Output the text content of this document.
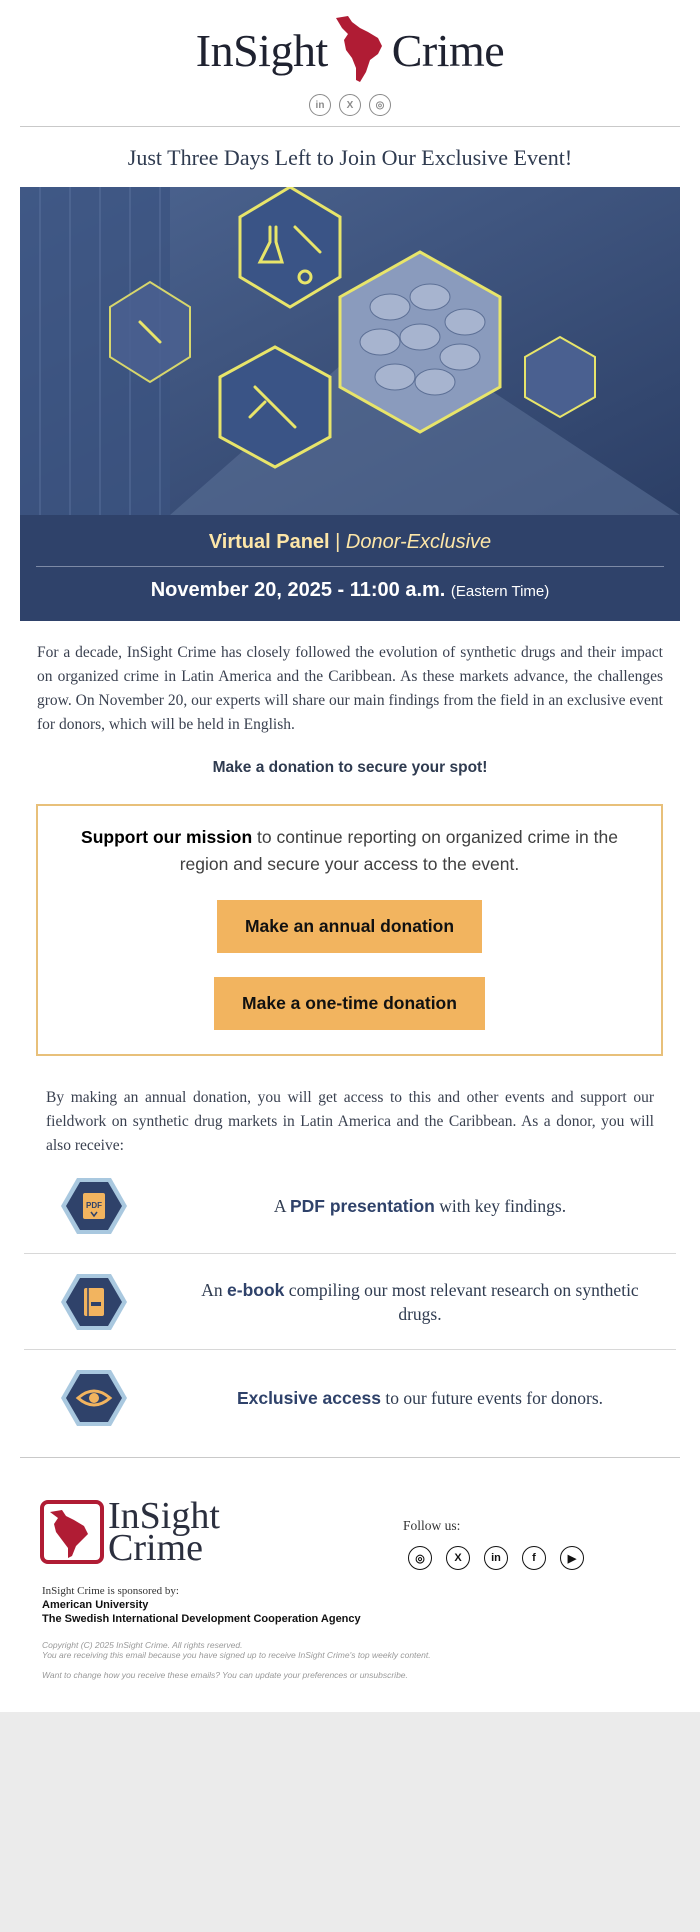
InSight Crime
in	X	◎
Just Three Days Left to Join Our Exclusive Event!
Virtual Panel | Donor-Exclusive
November 20, 2025 - 11:00 a.m. (Eastern Time)

For a decade, InSight Crime has closely followed the evolution of synthetic drugs and their impact on organized crime in Latin America and the Caribbean. As these markets advance, the challenges grow. On November 20, our experts will share our main findings from the field in an exclusive event for donors, which will be held in English.

Make a donation to secure your spot!
Support our mission to continue reporting on organized crime in the region and secure your access to the event.
Make an annual donation
Make a one-time donation

By making an annual donation, you will get access to this and other events and support our fieldwork on synthetic drug markets in Latin America and the Caribbean. As a donor, you will also receive:

PDF	A PDF presentation with key findings.
An e-book compiling our most relevant research on synthetic drugs.
Exclusive access to our future events for donors.
InSight
Crime
InSight Crime is sponsored by:
American University
The Swedish International Development Cooperation Agency
Follow us:
◎	X	in	f	▶
Copyright (C) 2025 InSight Crime. All rights reserved.
You are receiving this email because you have signed up to receive InSight Crime's top weekly content.
Want to change how you receive these emails? You can update your preferences or unsubscribe.
